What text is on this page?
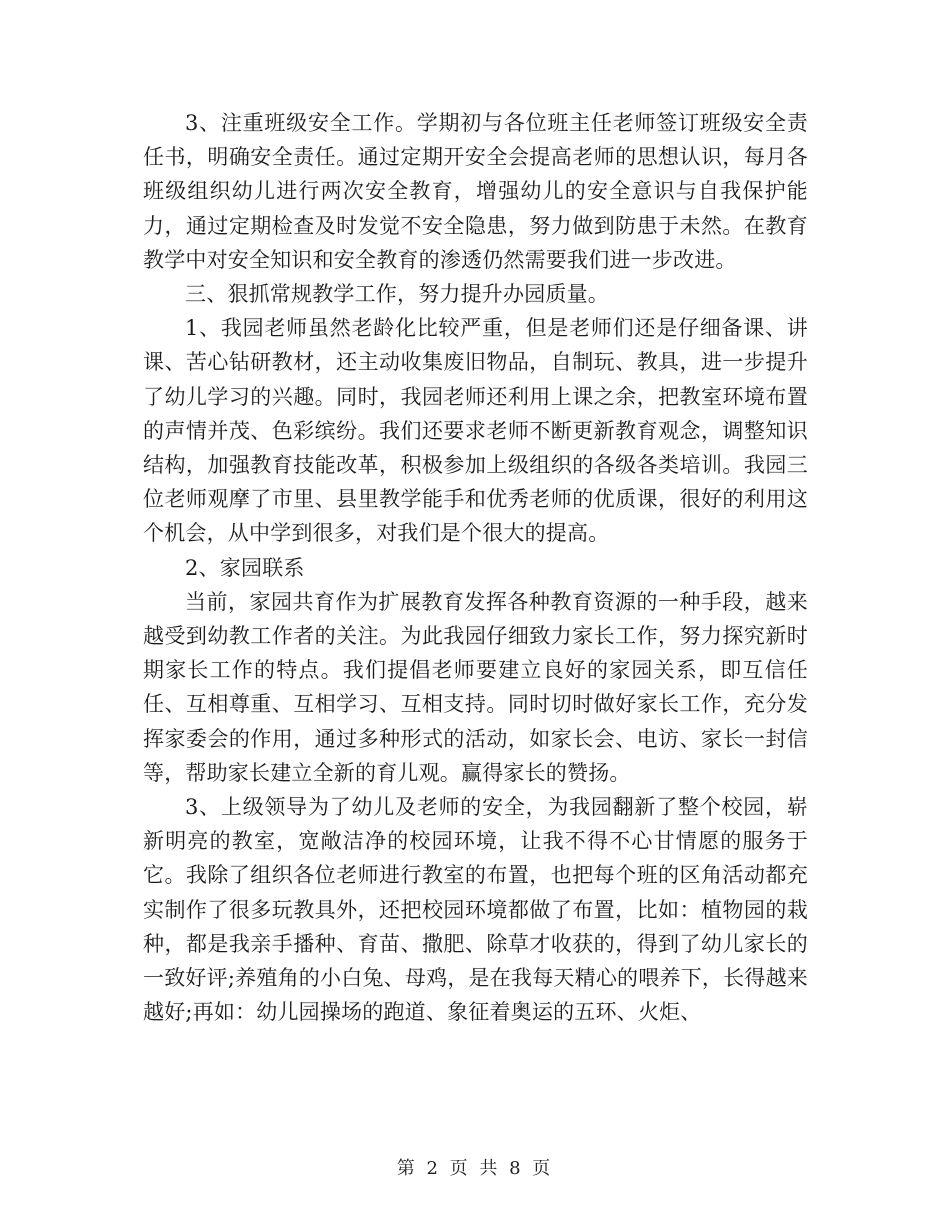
3、注重班级安全工作。学期初与各位班主任老师签订班级安全责任书，明确安全责任。通过定期开安全会提高老师的思想认识，每月各班级组织幼儿进行两次安全教育，增强幼儿的安全意识与自我保护能力，通过定期检查及时发觉不安全隐患，努力做到防患于未然。在教育教学中对安全知识和安全教育的渗透仍然需要我们进一步改进。

三、狠抓常规教学工作，努力提升办园质量。

1、我园老师虽然老龄化比较严重，但是老师们还是仔细备课、讲课、苦心钻研教材，还主动收集废旧物品，自制玩、教具，进一步提升了幼儿学习的兴趣。同时，我园老师还利用上课之余，把教室环境布置的声情并茂、色彩缤纷。我们还要求老师不断更新教育观念，调整知识结构，加强教育技能改革，积极参加上级组织的各级各类培训。我园三位老师观摩了市里、县里教学能手和优秀老师的优质课，很好的利用这个机会，从中学到很多，对我们是个很大的提高。

2、家园联系

当前，家园共育作为扩展教育发挥各种教育资源的一种手段，越来越受到幼教工作者的关注。为此我园仔细致力家长工作，努力探究新时期家长工作的特点。我们提倡老师要建立良好的家园关系，即互信任任、互相尊重、互相学习、互相支持。同时切时做好家长工作，充分发挥家委会的作用，通过多种形式的活动，如家长会、电访、家长一封信等，帮助家长建立全新的育儿观。赢得家长的赞扬。

3、上级领导为了幼儿及老师的安全，为我园翻新了整个校园，崭新明亮的教室，宽敞洁净的校园环境，让我不得不心甘情愿的服务于它。我除了组织各位老师进行教室的布置，也把每个班的区角活动都充实制作了很多玩教具外，还把校园环境都做了布置，比如：植物园的栽种，都是我亲手播种、育苗、撒肥、除草才收获的，得到了幼儿家长的一致好评;养殖角的小白兔、母鸡，是在我每天精心的喂养下，长得越来越好;再如：幼儿园操场的跑道、象征着奥运的五环、火炬、

第 2 页 共 8 页
